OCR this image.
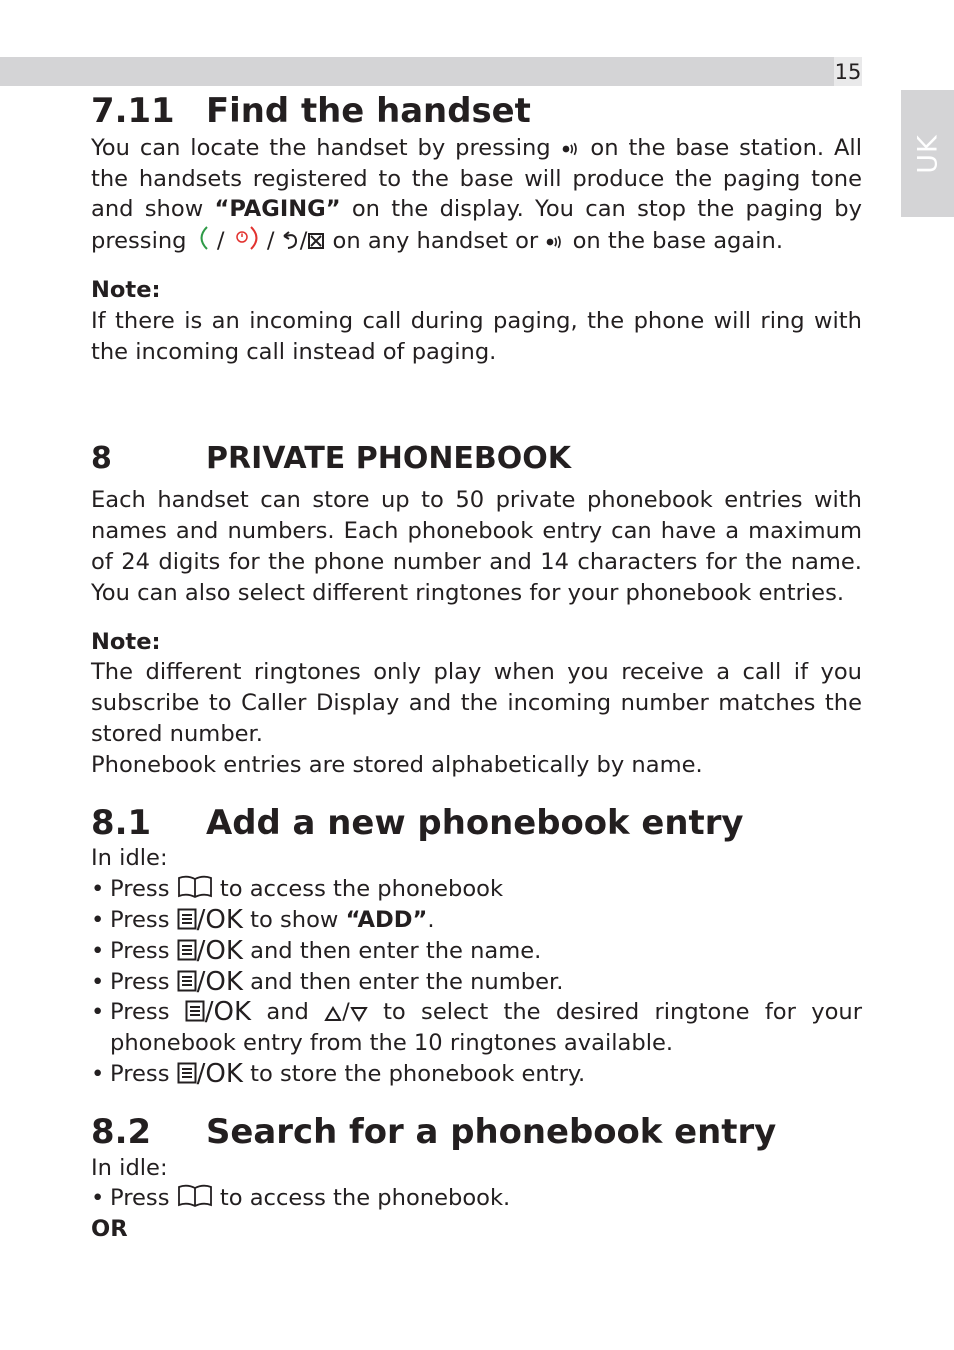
15
UK
7.11 Find the handset

You can locate the handset by pressing on the base station. All the handsets registered to the base will produce the paging tone and show “PAGING” on the display. You can stop the paging by pressing  /  / / on any handset or on the base again.

Note:

If there is an incoming call during paging, the phone will ring with the incoming call instead of paging.

8	PRIVATE PHONEBOOK

Each handset can store up to 50 private phonebook entries with names and numbers. Each phonebook entry can have a maximum of 24 digits for the phone number and 14 characters for the name. You can also select different ringtones for your phonebook entries.

Note:

The different ringtones only play when you receive a call if you subscribe to Caller Display and the incoming number matches the stored number.

Phonebook entries are stored alphabetically by name.

8.1	Add a new phonebook entry
In idle:
• Press to access the phonebook
• Press /OK to show “ADD”.
• Press /OK and then enter the name.
• Press /OK and then enter the number.
• Press /OK and / to select the desired ringtone for your phonebook entry from the 10 ringtones available.
• Press /OK to store the phonebook entry.
8.2	Search for a phonebook entry
In idle:
• Press to access the phonebook.
OR
